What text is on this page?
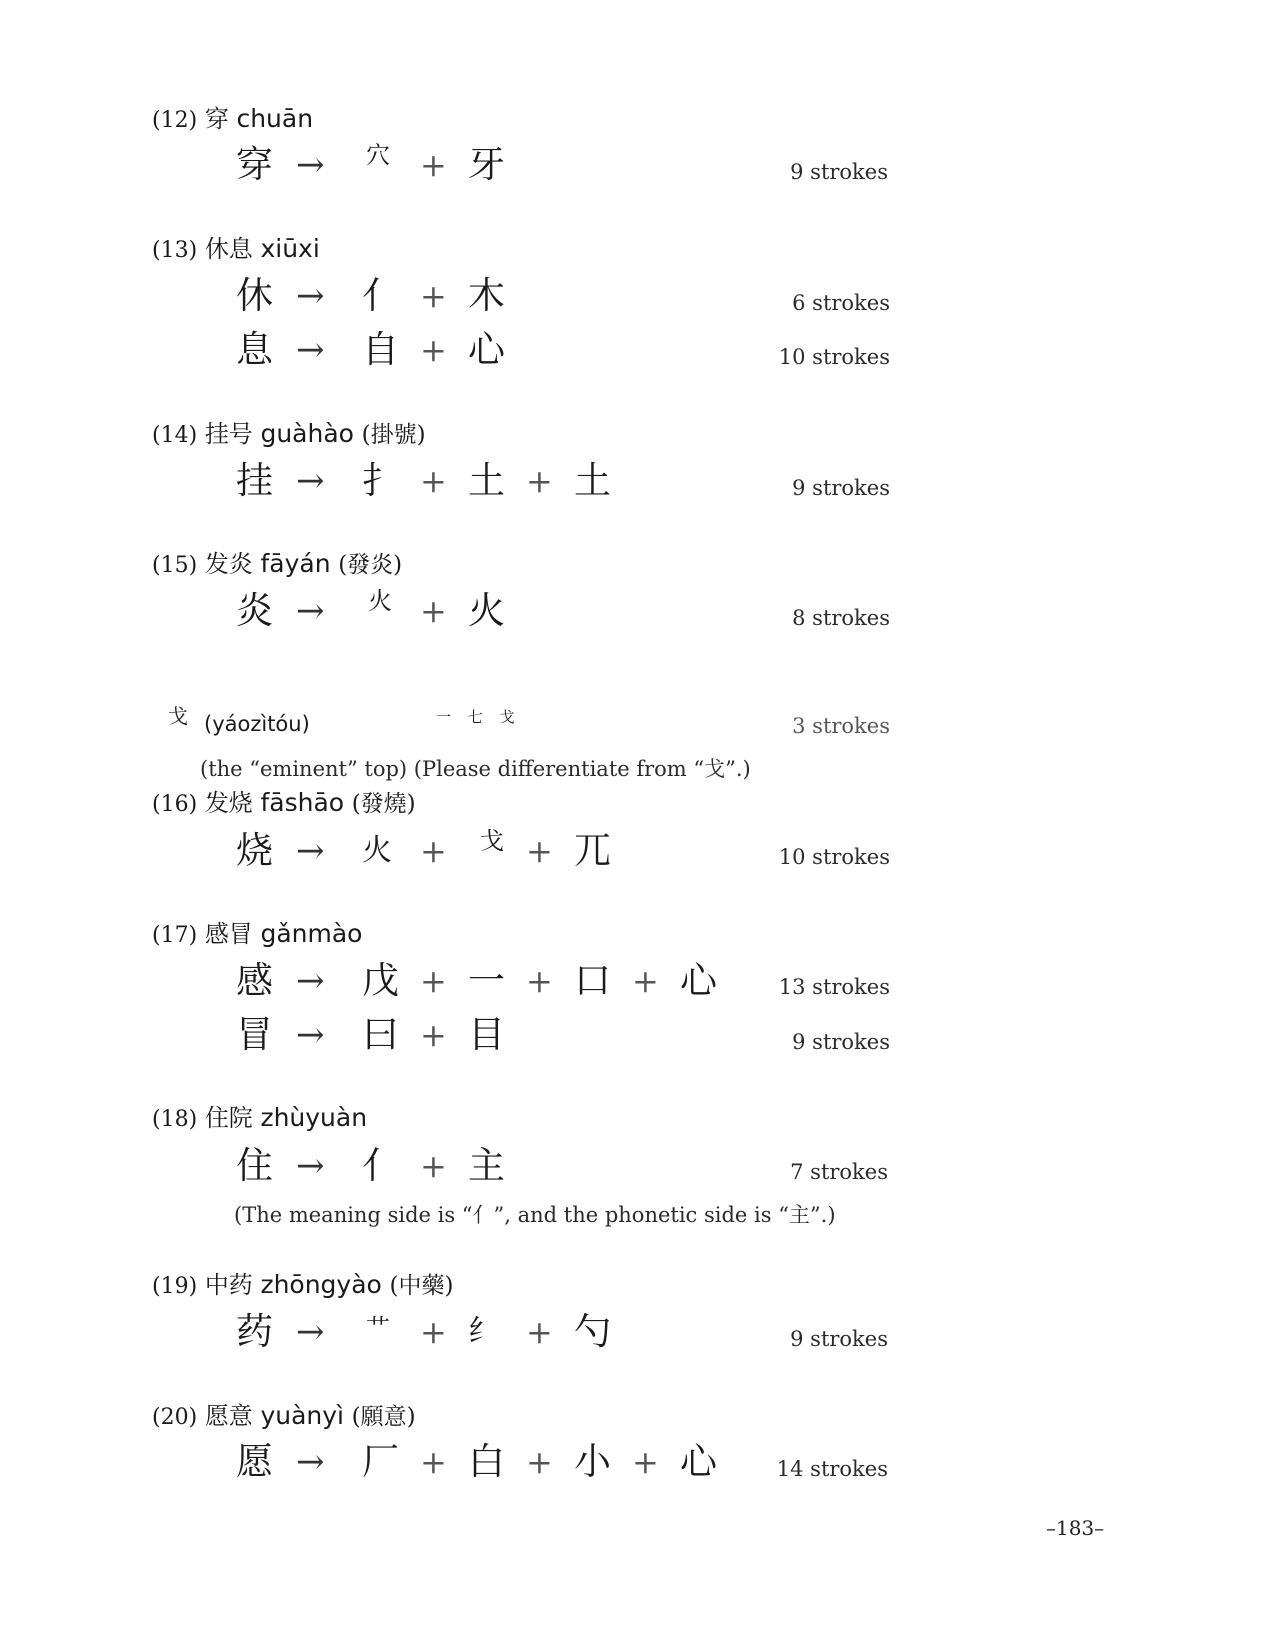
(12) 穿 chuān
穿 → 穴 + 牙	9 strokes
(13) 休息 xiūxi
休 → 亻 + 木	6 strokes
息 → 自 + 心	10 strokes
(14) 挂号 guàhào (掛號)
挂 → 扌 + 土 + 土	9 strokes
(15) 发炎 fāyán (發炎)
炎 → 火 + 火	8 strokes
戈 (yáozìtóu)	一 七 戈	3 strokes
(the “eminent” top) (Please differentiate from “戈”.)
(16) 发烧 fāshāo (發燒)
烧 → 火 + 戈 + 兀	10 strokes
(17) 感冒 gǎnmào
感 → 戊 + 一 + 口 + 心	13 strokes
冒 → 曰 + 目	9 strokes
(18) 住院 zhùyuàn
住 → 亻 + 主	7 strokes
(The meaning side is “亻”, and the phonetic side is “主”.)
(19) 中药 zhōngyào (中藥)
药 → 艹 + 纟 + 勺	9 strokes
(20) 愿意 yuànyì (願意)
愿 → 厂 + 白 + 小 + 心	14 strokes
–183–
